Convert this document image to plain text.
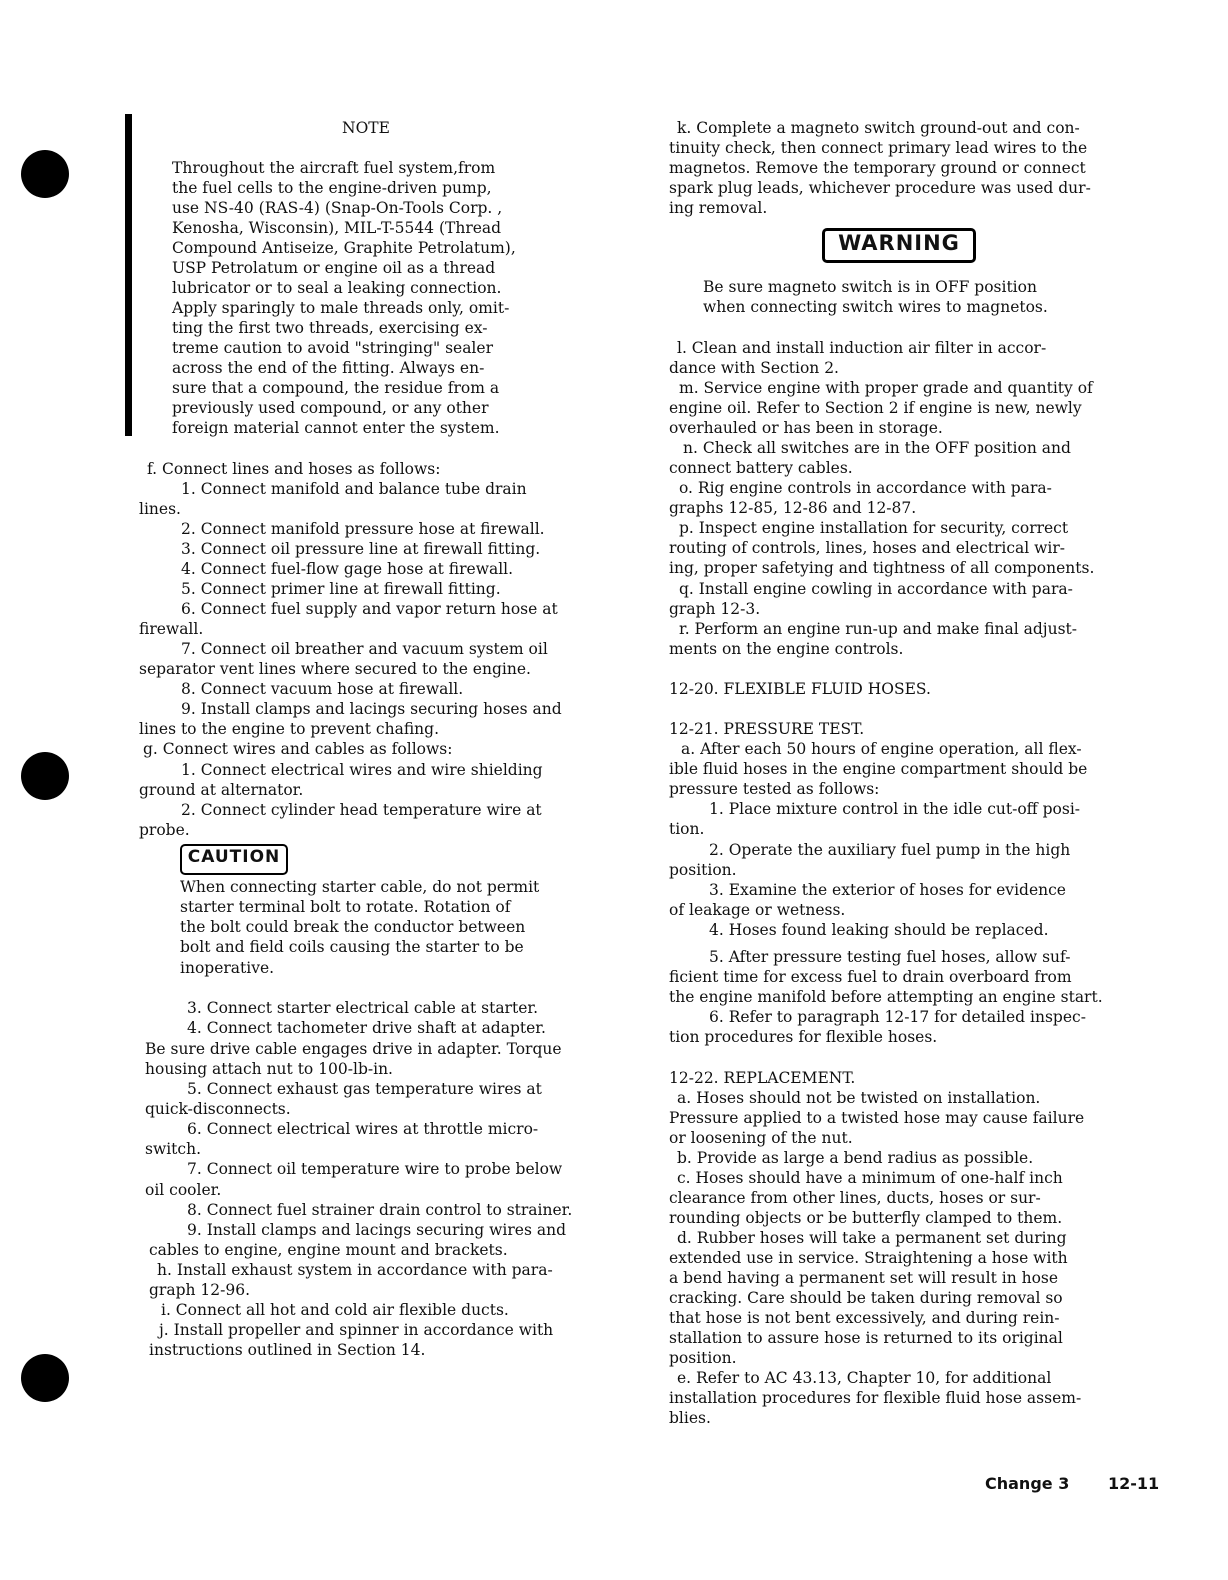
NOTE
Throughout the aircraft fuel system,from
the fuel cells to the engine-driven pump,
use NS-40 (RAS-4) (Snap-On-Tools Corp. ,
Kenosha, Wisconsin), MIL-T-5544 (Thread
Compound Antiseize, Graphite Petrolatum),
USP Petrolatum or engine oil as a thread
lubricator or to seal a leaking connection.
Apply sparingly to male threads only, omit-
ting the first two threads, exercising ex-
treme caution to avoid "stringing" sealer
across the end of the fitting. Always en-
sure that a compound, the residue from a
previously used compound, or any other
foreign material cannot enter the system.
f. Connect lines and hoses as follows:
1. Connect manifold and balance tube drain
lines.
2. Connect manifold pressure hose at firewall.
3. Connect oil pressure line at firewall fitting.
4. Connect fuel-flow gage hose at firewall.
5. Connect primer line at firewall fitting.
6. Connect fuel supply and vapor return hose at
firewall.
7. Connect oil breather and vacuum system oil
separator vent lines where secured to the engine.
8. Connect vacuum hose at firewall.
9. Install clamps and lacings securing hoses and
lines to the engine to prevent chafing.
g. Connect wires and cables as follows:
1. Connect electrical wires and wire shielding
ground at alternator.
2. Connect cylinder head temperature wire at
probe.
When connecting starter cable, do not permit
starter terminal bolt to rotate. Rotation of
the bolt could break the conductor between
bolt and field coils causing the starter to be
inoperative.
3. Connect starter electrical cable at starter.
4. Connect tachometer drive shaft at adapter.
Be sure drive cable engages drive in adapter. Torque
housing attach nut to 100-lb-in.
5. Connect exhaust gas temperature wires at
quick-disconnects.
6. Connect electrical wires at throttle micro-
switch.
7. Connect oil temperature wire to probe below
oil cooler.
8. Connect fuel strainer drain control to strainer.
9. Install clamps and lacings securing wires and
cables to engine, engine mount and brackets.
h. Install exhaust system in accordance with para-
graph 12-96.
i. Connect all hot and cold air flexible ducts.
j. Install propeller and spinner in accordance with
instructions outlined in Section 14.
CAUTION
k. Complete a magneto switch ground-out and con-
tinuity check, then connect primary lead wires to the
magnetos. Remove the temporary ground or connect
spark plug leads, whichever procedure was used dur-
ing removal.
WARNING
Be sure magneto switch is in OFF position
when connecting switch wires to magnetos.
l. Clean and install induction air filter in accor-
dance with Section 2.
m. Service engine with proper grade and quantity of
engine oil. Refer to Section 2 if engine is new, newly
overhauled or has been in storage.
n. Check all switches are in the OFF position and
connect battery cables.
o. Rig engine controls in accordance with para-
graphs 12-85, 12-86 and 12-87.
p. Inspect engine installation for security, correct
routing of controls, lines, hoses and electrical wir-
ing, proper safetying and tightness of all components.
q. Install engine cowling in accordance with para-
graph 12-3.
r. Perform an engine run-up and make final adjust-
ments on the engine controls.
12-20. FLEXIBLE FLUID HOSES.
12-21. PRESSURE TEST.
a. After each 50 hours of engine operation, all flex-
ible fluid hoses in the engine compartment should be
pressure tested as follows:
1. Place mixture control in the idle cut-off posi-
tion.
2. Operate the auxiliary fuel pump in the high
position.
3. Examine the exterior of hoses for evidence
of leakage or wetness.
4. Hoses found leaking should be replaced.
5. After pressure testing fuel hoses, allow suf-
ficient time for excess fuel to drain overboard from
the engine manifold before attempting an engine start.
6. Refer to paragraph 12-17 for detailed inspec-
tion procedures for flexible hoses.
12-22. REPLACEMENT.
a. Hoses should not be twisted on installation.
Pressure applied to a twisted hose may cause failure
or loosening of the nut.
b. Provide as large a bend radius as possible.
c. Hoses should have a minimum of one-half inch
clearance from other lines, ducts, hoses or sur-
rounding objects or be butterfly clamped to them.
d. Rubber hoses will take a permanent set during
extended use in service. Straightening a hose with
a bend having a permanent set will result in hose
cracking. Care should be taken during removal so
that hose is not bent excessively, and during rein-
stallation to assure hose is returned to its original
position.
e. Refer to AC 43.13, Chapter 10, for additional
installation procedures for flexible fluid hose assem-
blies.
Change 3 12-11
